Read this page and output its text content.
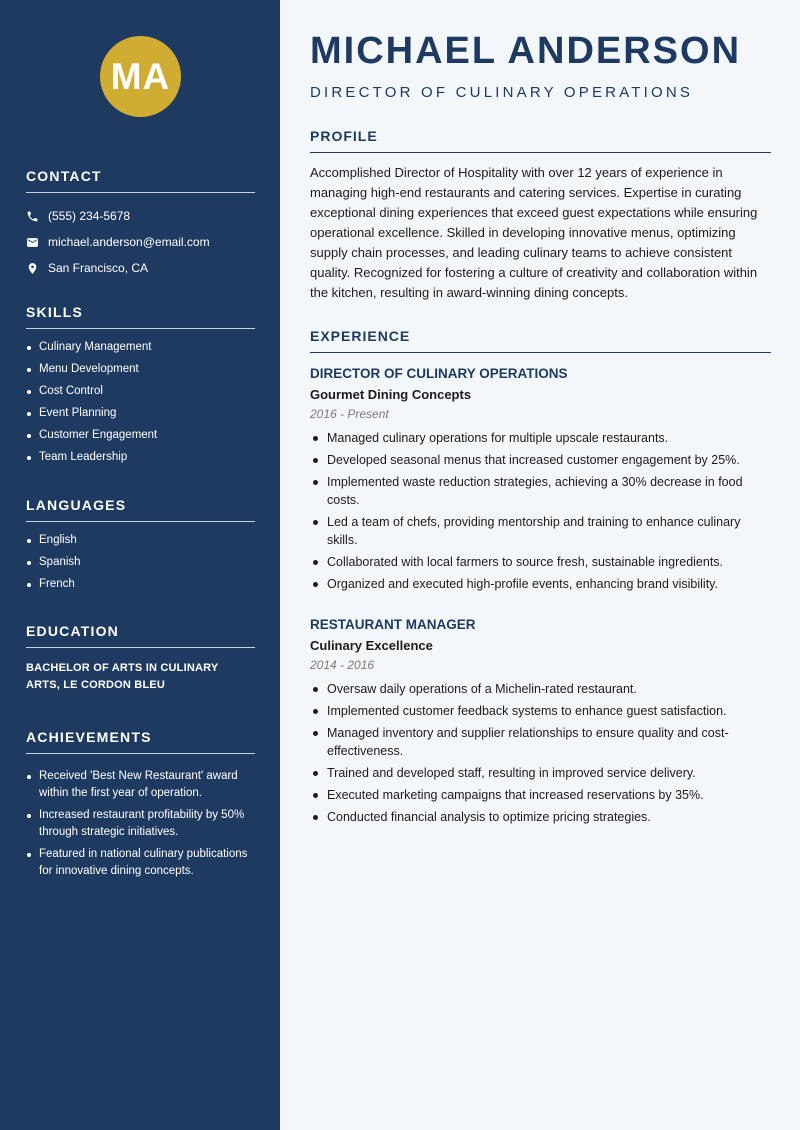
MA
CONTACT
(555) 234-5678
michael.anderson@email.com
San Francisco, CA
SKILLS
Culinary Management
Menu Development
Cost Control
Event Planning
Customer Engagement
Team Leadership
LANGUAGES
English
Spanish
French
EDUCATION
BACHELOR OF ARTS IN CULINARY ARTS, LE CORDON BLEU
ACHIEVEMENTS
Received 'Best New Restaurant' award within the first year of operation.
Increased restaurant profitability by 50% through strategic initiatives.
Featured in national culinary publications for innovative dining concepts.
MICHAEL ANDERSON
DIRECTOR OF CULINARY OPERATIONS
PROFILE

Accomplished Director of Hospitality with over 12 years of experience in managing high-end restaurants and catering services. Expertise in curating exceptional dining experiences that exceed guest expectations while ensuring operational excellence. Skilled in developing innovative menus, optimizing supply chain processes, and leading culinary teams to achieve consistent quality. Recognized for fostering a culture of creativity and collaboration within the kitchen, resulting in award-winning dining concepts.

EXPERIENCE
DIRECTOR OF CULINARY OPERATIONS
Gourmet Dining Concepts
2016 - Present
Managed culinary operations for multiple upscale restaurants.
Developed seasonal menus that increased customer engagement by 25%.
Implemented waste reduction strategies, achieving a 30% decrease in food costs.
Led a team of chefs, providing mentorship and training to enhance culinary skills.
Collaborated with local farmers to source fresh, sustainable ingredients.
Organized and executed high-profile events, enhancing brand visibility.
RESTAURANT MANAGER
Culinary Excellence
2014 - 2016
Oversaw daily operations of a Michelin-rated restaurant.
Implemented customer feedback systems to enhance guest satisfaction.
Managed inventory and supplier relationships to ensure quality and cost-effectiveness.
Trained and developed staff, resulting in improved service delivery.
Executed marketing campaigns that increased reservations by 35%.
Conducted financial analysis to optimize pricing strategies.
